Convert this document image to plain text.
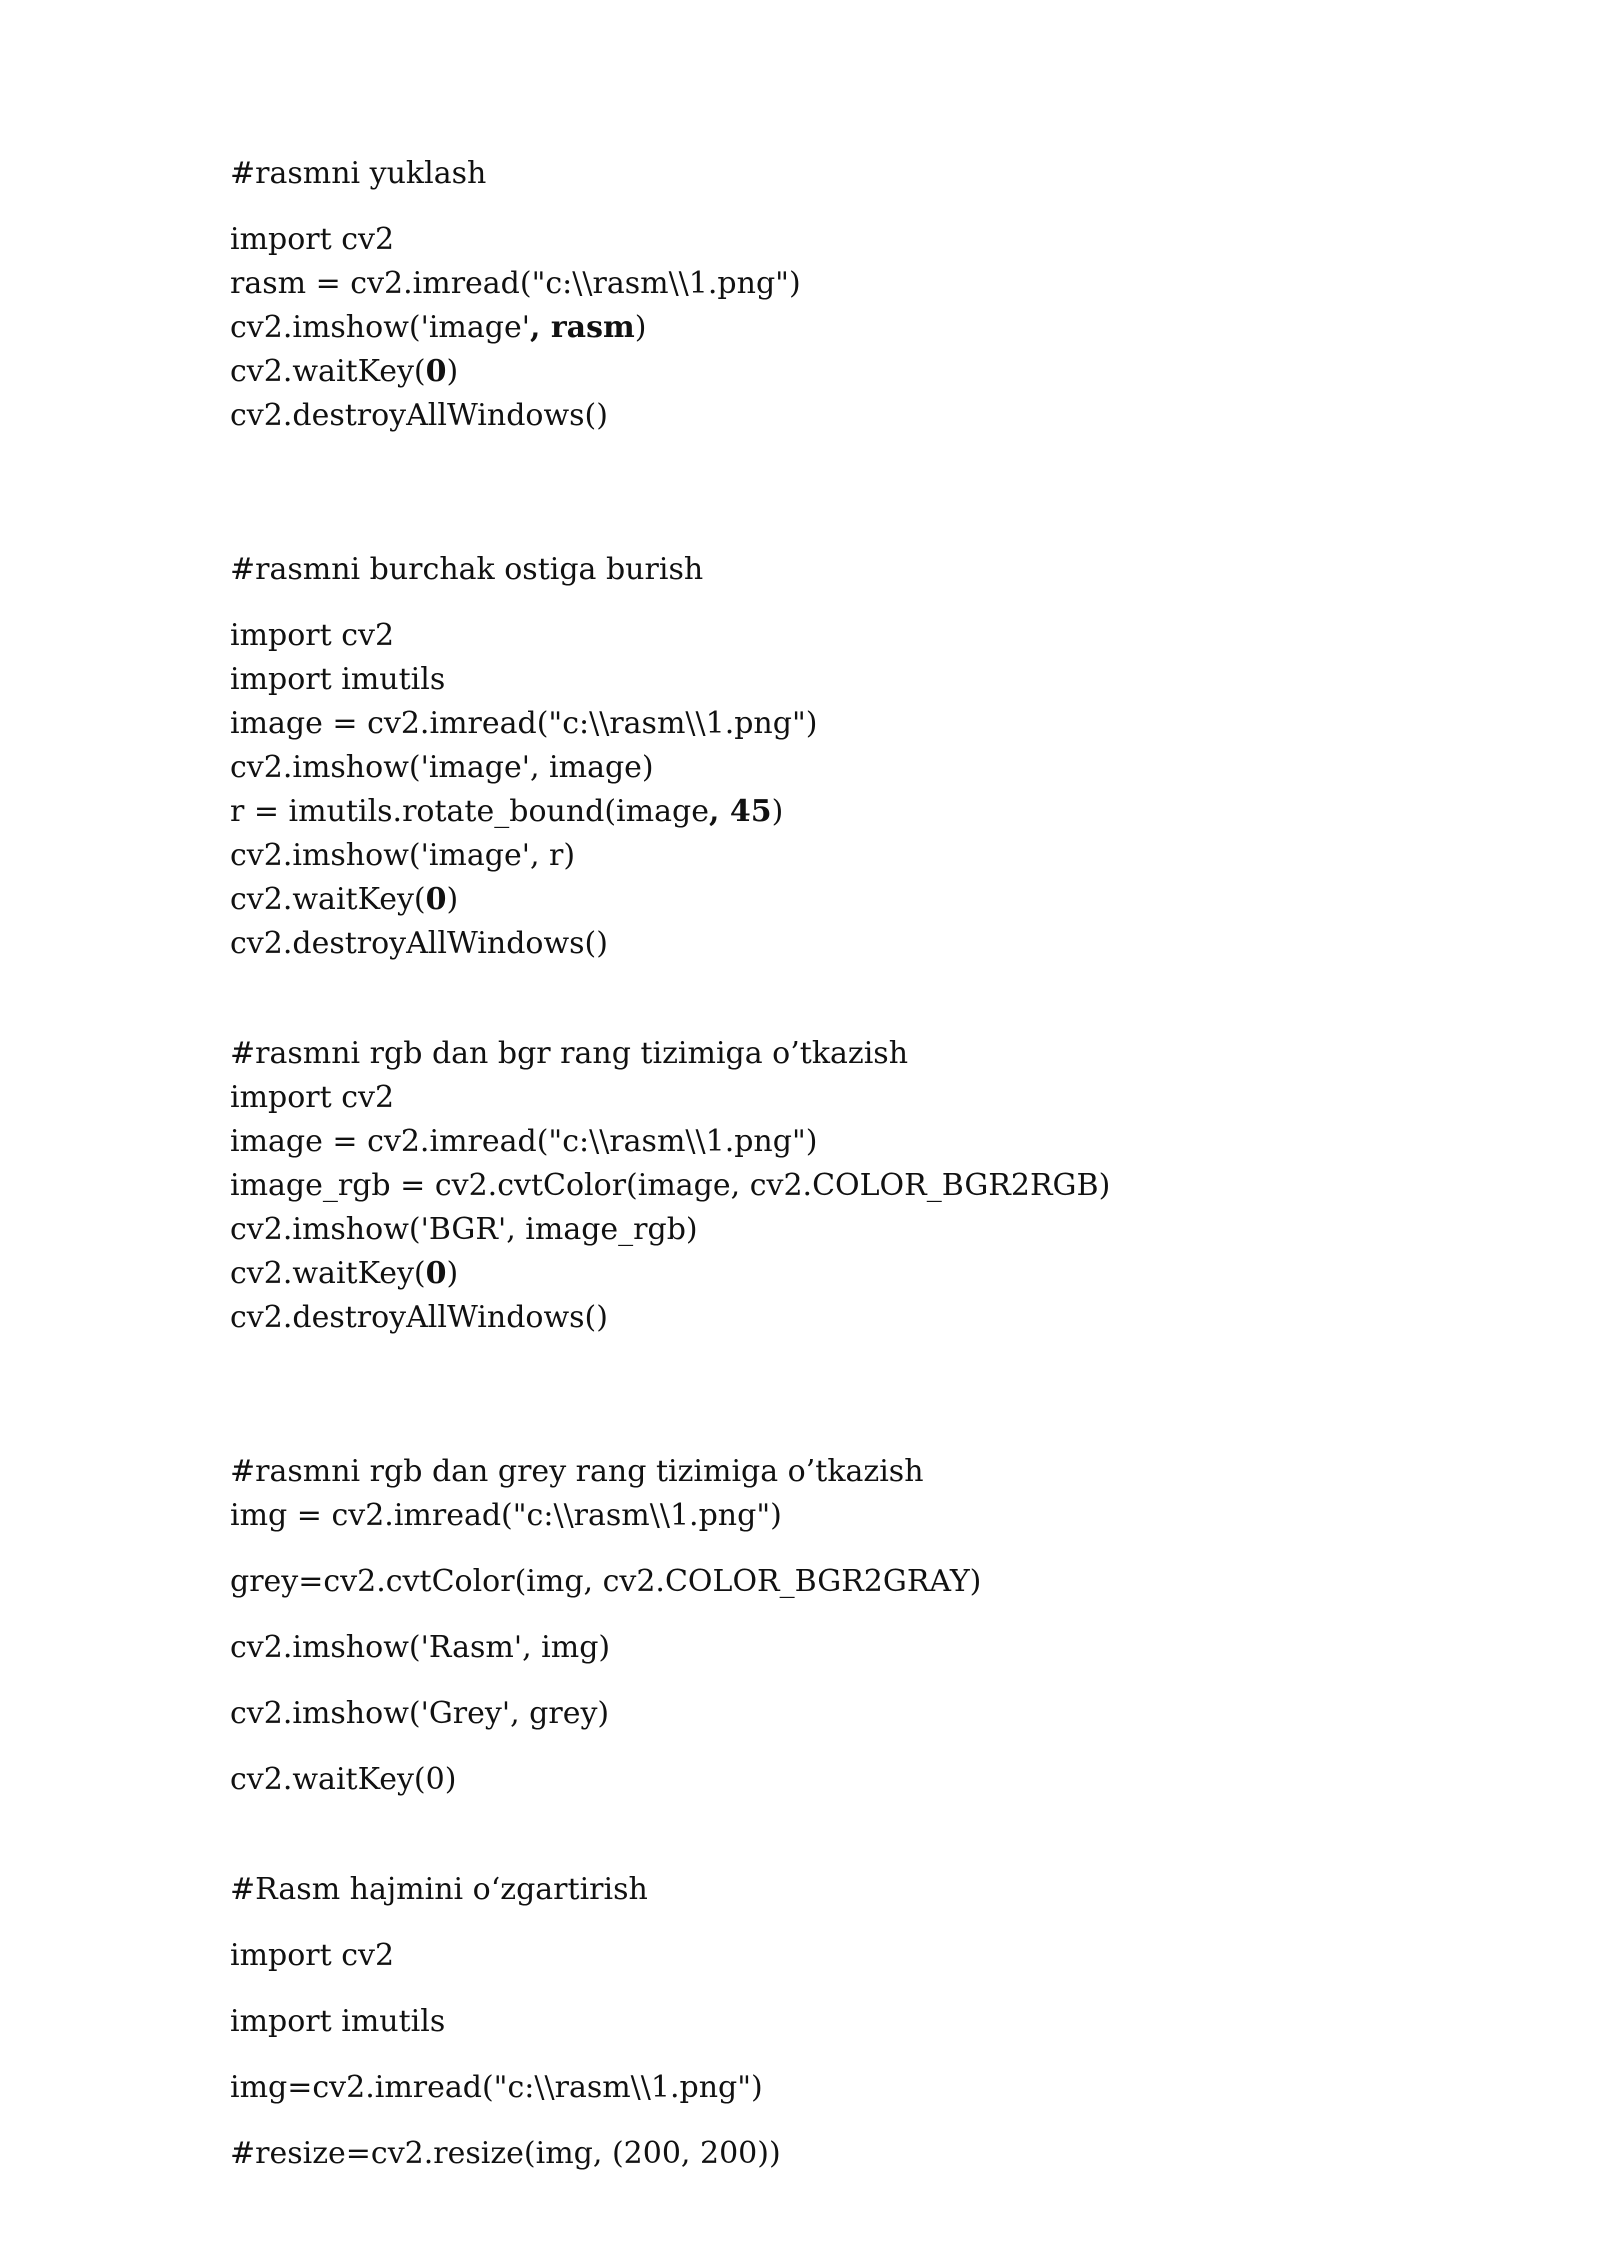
#rasmni yuklash
import cv2
rasm = cv2.imread("c:\\rasm\\1.png")
cv2.imshow('image', rasm)
cv2.waitKey(0)
cv2.destroyAllWindows()
#rasmni burchak ostiga burish
import cv2
import imutils
image = cv2.imread("c:\\rasm\\1.png")
cv2.imshow('image', image)
r = imutils.rotate_bound(image, 45)
cv2.imshow('image', r)
cv2.waitKey(0)
cv2.destroyAllWindows()
#rasmni rgb dan bgr rang tizimiga o’tkazish
import cv2
image = cv2.imread("c:\\rasm\\1.png")
image_rgb = cv2.cvtColor(image, cv2.COLOR_BGR2RGB)
cv2.imshow('BGR', image_rgb)
cv2.waitKey(0)
cv2.destroyAllWindows()
#rasmni rgb dan grey rang tizimiga o’tkazish
img = cv2.imread("c:\\rasm\\1.png")
grey=cv2.cvtColor(img, cv2.COLOR_BGR2GRAY)
cv2.imshow('Rasm', img)
cv2.imshow('Grey', grey)
cv2.waitKey(0)
#Rasm hajmini o‘zgartirish
import cv2
import imutils
img=cv2.imread("c:\\rasm\\1.png")
#resize=cv2.resize(img, (200, 200))
